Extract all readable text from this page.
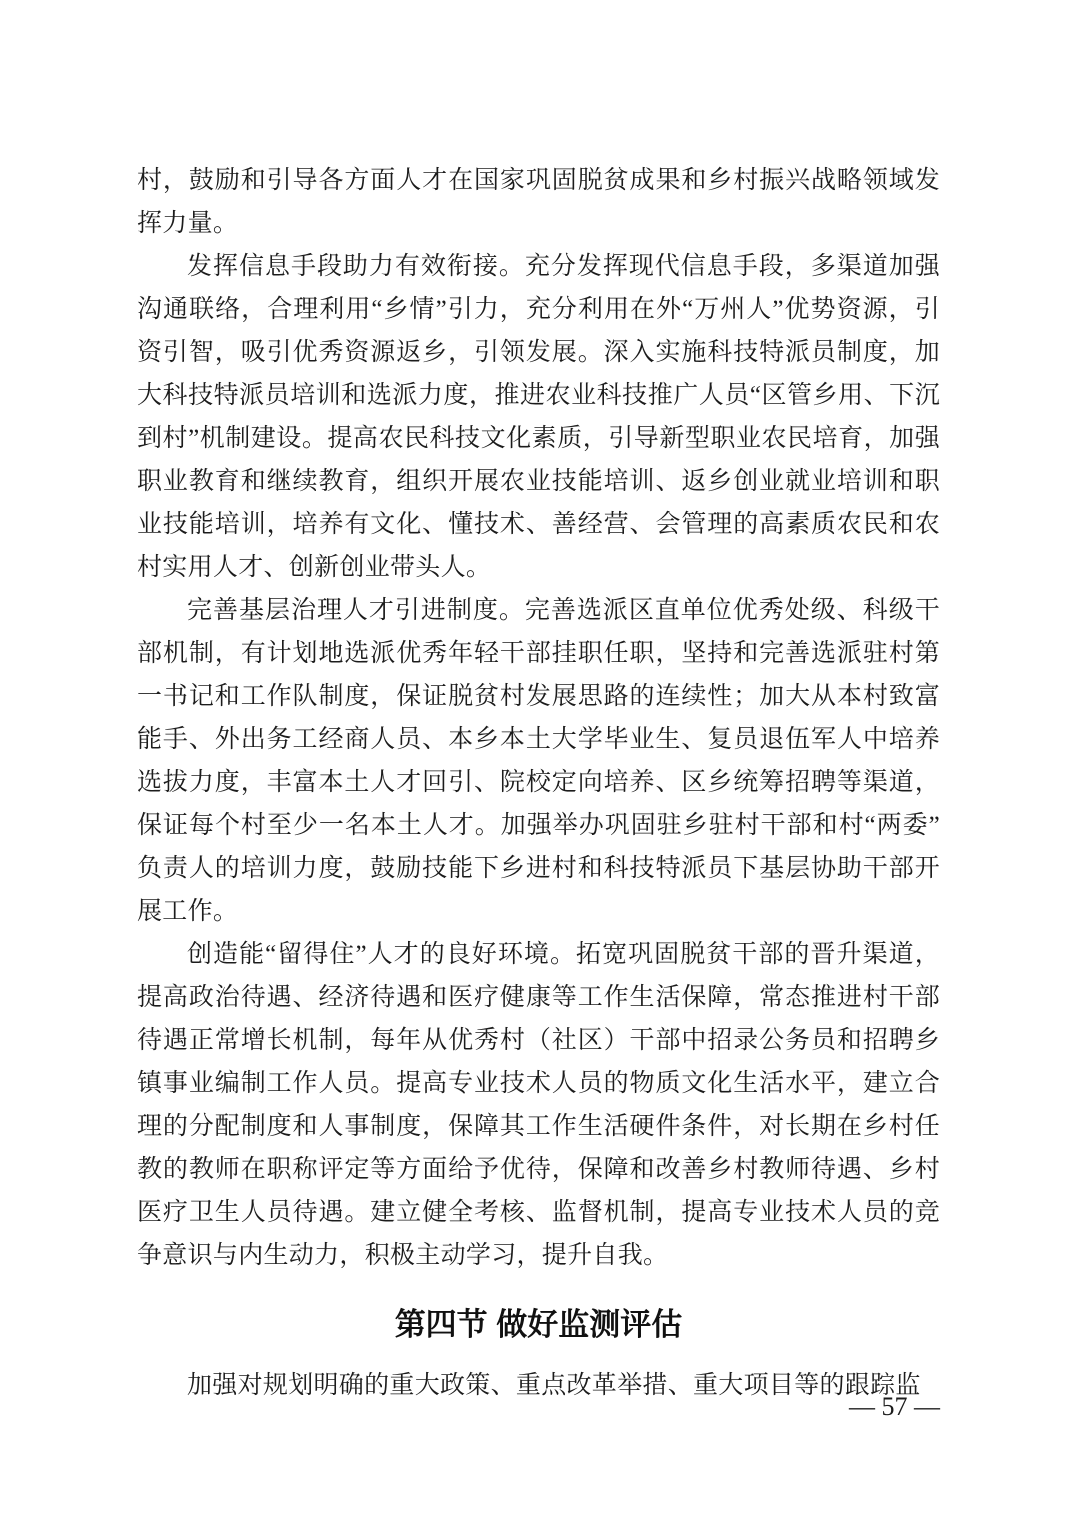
村，鼓励和引导各方面人才在国家巩固脱贫成果和乡村振兴战略领域发挥力量。

发挥信息手段助力有效衔接。充分发挥现代信息手段，多渠道加强沟通联络，合理利用“乡情”引力，充分利用在外“万州人”优势资源，引资引智，吸引优秀资源返乡，引领发展。深入实施科技特派员制度，加大科技特派员培训和选派力度，推进农业科技推广人员“区管乡用、下沉到村”机制建设。提高农民科技文化素质，引导新型职业农民培育，加强职业教育和继续教育，组织开展农业技能培训、返乡创业就业培训和职业技能培训，培养有文化、懂技术、善经营、会管理的高素质农民和农村实用人才、创新创业带头人。

完善基层治理人才引进制度。完善选派区直单位优秀处级、科级干部机制，有计划地选派优秀年轻干部挂职任职，坚持和完善选派驻村第一书记和工作队制度，保证脱贫村发展思路的连续性；加大从本村致富能手、外出务工经商人员、本乡本土大学毕业生、复员退伍军人中培养选拔力度，丰富本土人才回引、院校定向培养、区乡统筹招聘等渠道，保证每个村至少一名本土人才。加强举办巩固驻乡驻村干部和村“两委”负责人的培训力度，鼓励技能下乡进村和科技特派员下基层协助干部开展工作。

创造能“留得住”人才的良好环境。拓宽巩固脱贫干部的晋升渠道，提高政治待遇、经济待遇和医疗健康等工作生活保障，常态推进村干部待遇正常增长机制，每年从优秀村（社区）干部中招录公务员和招聘乡镇事业编制工作人员。提高专业技术人员的物质文化生活水平，建立合理的分配制度和人事制度，保障其工作生活硬件条件，对长期在乡村任教的教师在职称评定等方面给予优待，保障和改善乡村教师待遇、乡村医疗卫生人员待遇。建立健全考核、监督机制，提高专业技术人员的竞争意识与内生动力，积极主动学习，提升自我。

第四节 做好监测评估

加强对规划明确的重大政策、重点改革举措、重大项目等的跟踪监

— 57 —
